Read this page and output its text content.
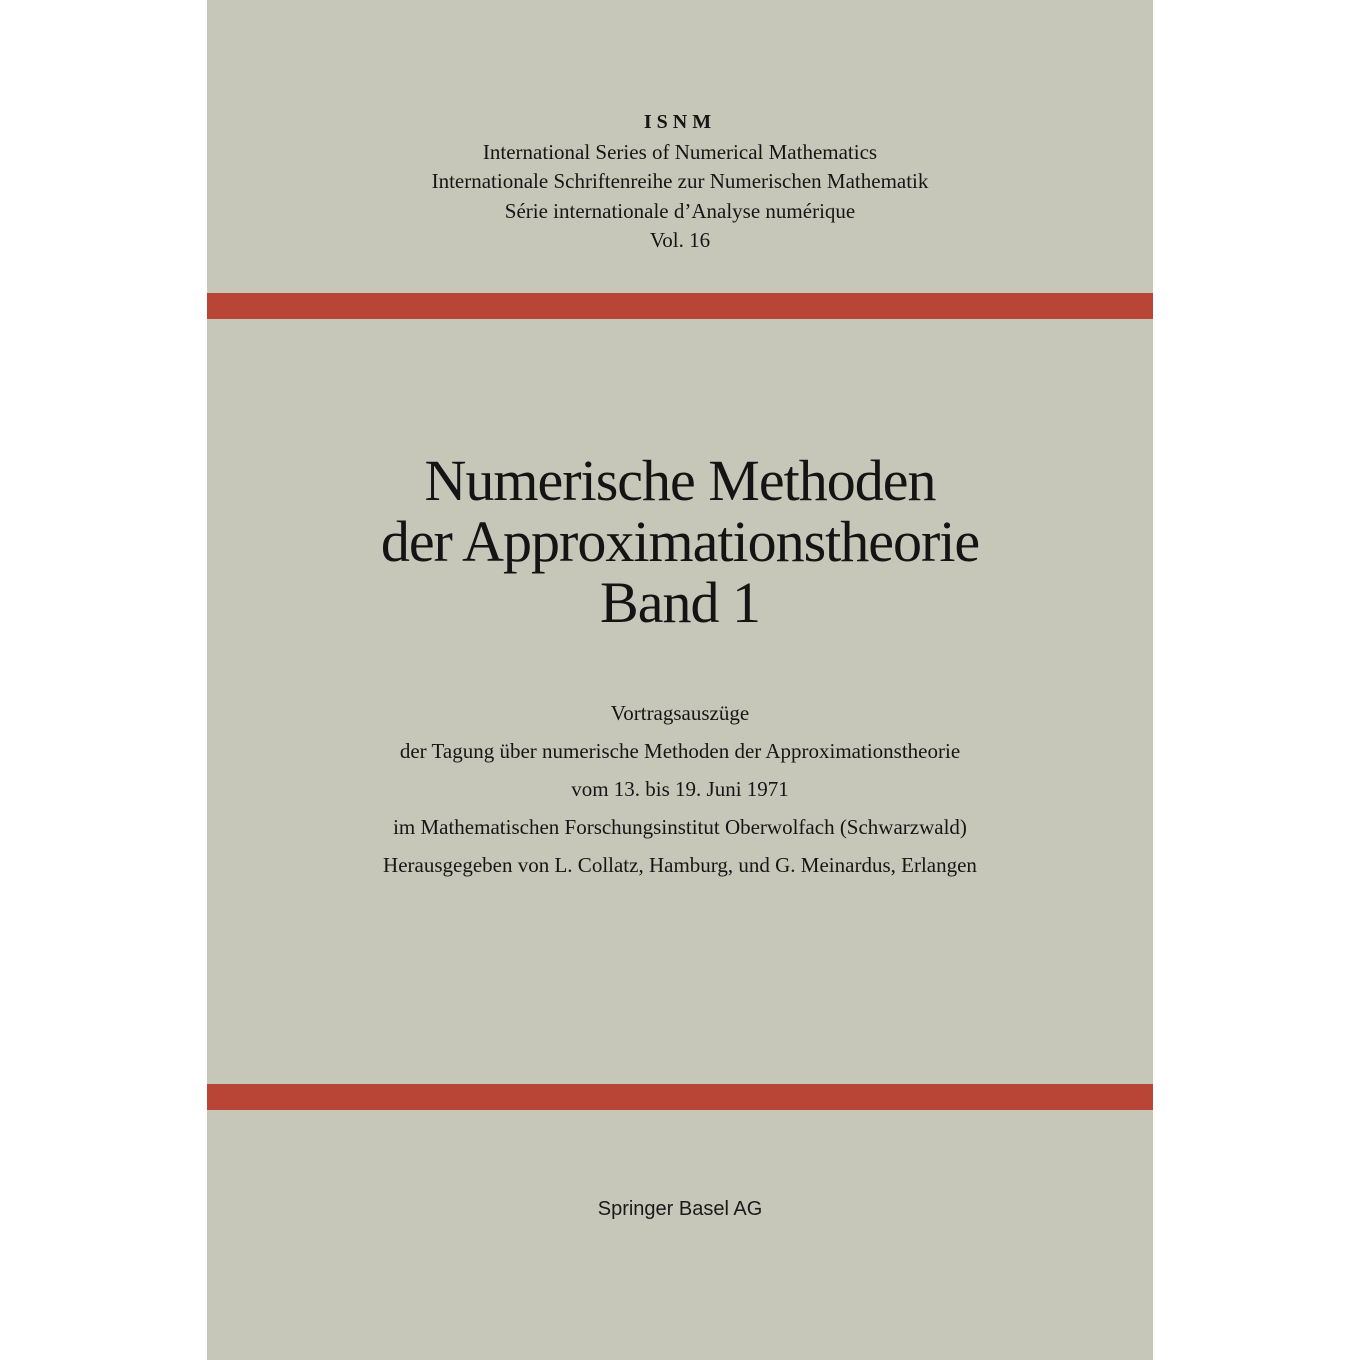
ISNM
International Series of Numerical Mathematics
Internationale Schriftenreihe zur Numerischen Mathematik
Série internationale d’Analyse numérique
Vol. 16
Numerische Methoden
der Approximationstheorie
Band 1
Vortragsauszüge
der Tagung über numerische Methoden der Approximationstheorie
vom 13. bis 19. Juni 1971
im Mathematischen Forschungsinstitut Oberwolfach (Schwarzwald)
Herausgegeben von L. Collatz, Hamburg, und G. Meinardus, Erlangen
Springer Basel AG
